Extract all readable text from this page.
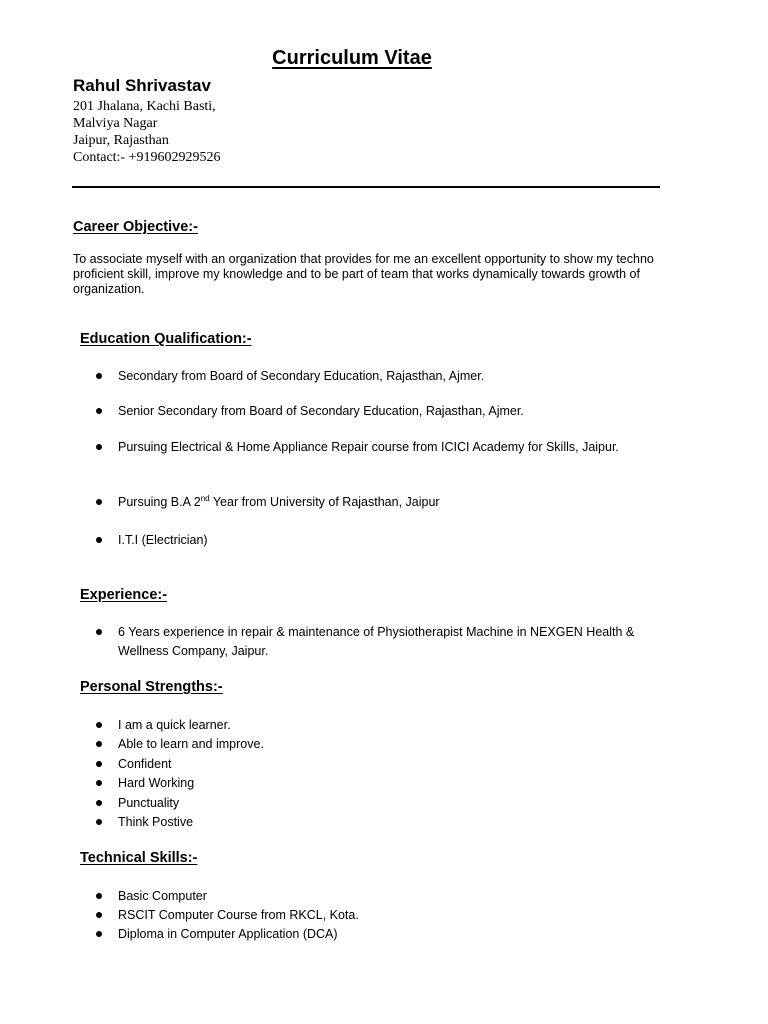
Curriculum Vitae
Rahul Shrivastav
201 Jhalana, Kachi Basti,
Malviya Nagar
Jaipur, Rajasthan
Contact:- +919602929526
Career Objective:-
To associate myself with an organization that provides for me an excellent opportunity to show my techno proficient skill, improve my knowledge and to be part of team that works dynamically towards growth of organization.
Education Qualification:-
Secondary from Board of Secondary Education, Rajasthan, Ajmer.
Senior Secondary from Board of Secondary Education, Rajasthan, Ajmer.
Pursuing Electrical & Home Appliance Repair course from ICICI Academy for Skills, Jaipur.
Pursuing B.A 2nd Year from University of Rajasthan, Jaipur
I.T.I (Electrician)
Experience:-
6 Years experience in repair & maintenance of Physiotherapist Machine in NEXGEN Health & Wellness Company, Jaipur.
Personal Strengths:-
I am a quick learner.
Able to learn and improve.
Confident
Hard Working
Punctuality
Think Postive
Technical Skills:-
Basic Computer
RSCIT Computer Course from RKCL, Kota.
Diploma in Computer Application (DCA)
